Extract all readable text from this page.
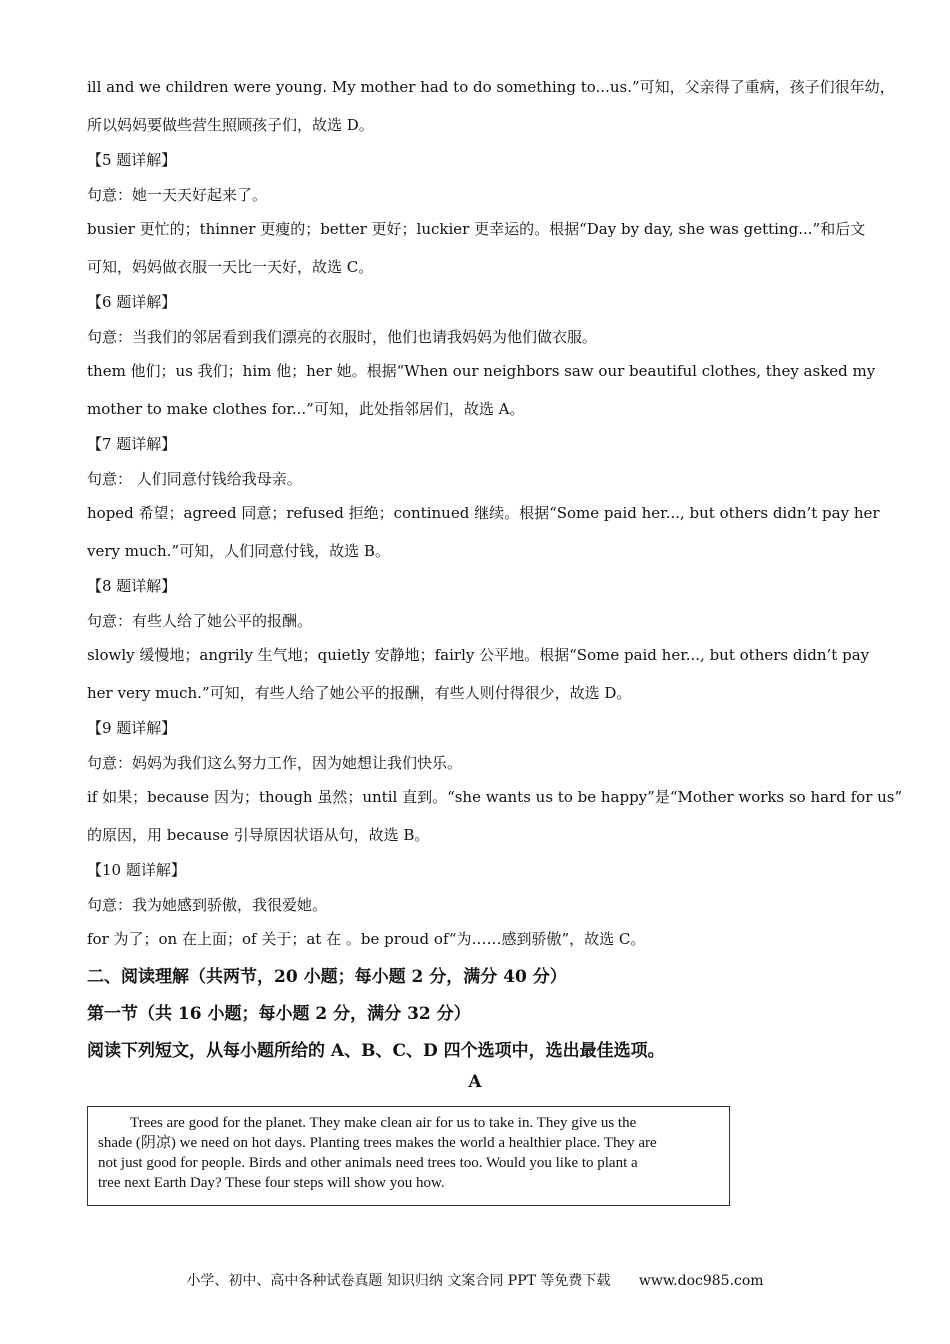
ill and we children were young. My mother had to do something to...us.”可知，父亲得了重病，孩子们很年幼，
所以妈妈要做些营生照顾孩子们，故选 D。
【5 题详解】
句意：她一天天好起来了。
busier 更忙的；thinner 更瘦的；better 更好；luckier 更幸运的。根据“Day by day, she was getting...”和后文
可知，妈妈做衣服一天比一天好，故选 C。
【6 题详解】
句意：当我们的邻居看到我们漂亮的衣服时，他们也请我妈妈为他们做衣服。
them 他们；us 我们；him 他；her 她。根据“When our neighbors saw our beautiful clothes, they asked my
mother to make clothes for...”可知，此处指邻居们，故选 A。
【7 题详解】
句意： 人们同意付钱给我母亲。
hoped 希望；agreed 同意；refused 拒绝；continued 继续。根据“Some paid her..., but others didn’t pay her
very much.”可知，人们同意付钱，故选 B。
【8 题详解】
句意：有些人给了她公平的报酬。
slowly 缓慢地；angrily 生气地；quietly 安静地；fairly 公平地。根据“Some paid her..., but others didn’t pay
her very much.”可知，有些人给了她公平的报酬，有些人则付得很少，故选 D。
【9 题详解】
句意：妈妈为我们这么努力工作，因为她想让我们快乐。
if 如果；because 因为；though 虽然；until 直到。“she wants us to be happy”是“Mother works so hard for us”
的原因，用 because 引导原因状语从句，故选 B。
【10 题详解】
句意：我为她感到骄傲，我很爱她。
for 为了；on 在上面；of 关于；at 在 。be proud of“为……感到骄傲”，故选 C。
二、阅读理解（共两节，20 小题；每小题 2 分，满分 40 分）
第一节（共 16 小题；每小题 2 分，满分 32 分）
阅读下列短文，从每小题所给的 A、B、C、D 四个选项中，选出最佳选项。
A
Trees are good for the planet. They make clean air for us to take in. They give us the
shade (阴凉) we need on hot days. Planting trees makes the world a healthier place. They are
not just good for people. Birds and other animals need trees too. Would you like to plant a
tree next Earth Day? These four steps will show you how.
小学、初中、高中各种试卷真题 知识归纳 文案合同 PPT 等免费下载 www.doc985.com
